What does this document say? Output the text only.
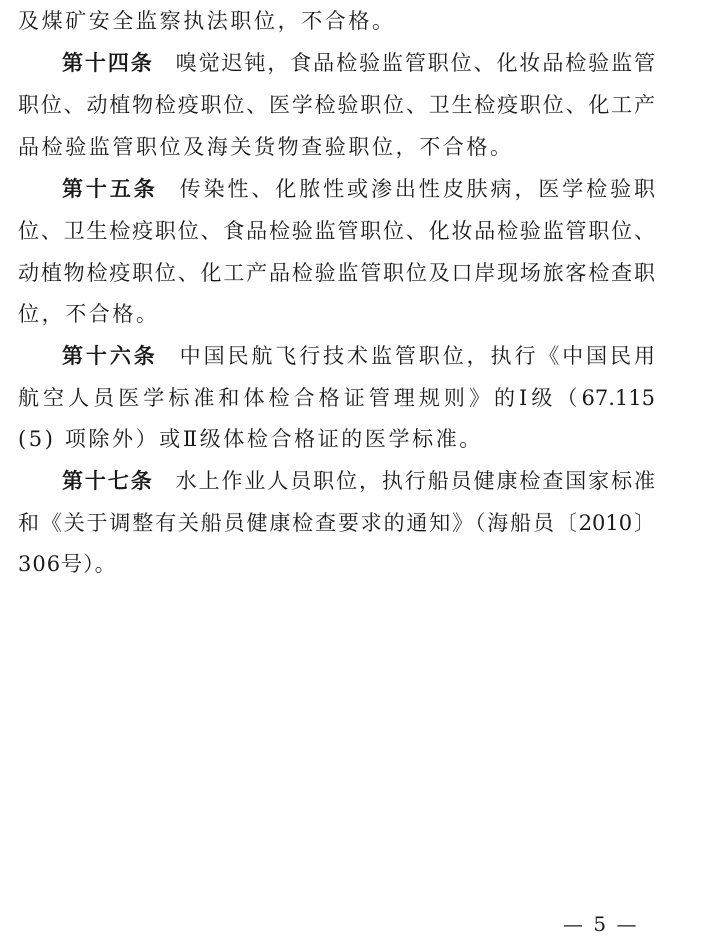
及煤矿安全监察执法职位，不合格。
第十四条 嗅觉迟钝，食品检验监管职位、化妆品检验监管
职位、动植物检疫职位、医学检验职位、卫生检疫职位、化工产
品检验监管职位及海关货物查验职位，不合格。
第十五条 传染性、化脓性或渗出性皮肤病，医学检验职
位、卫生检疫职位、食品检验监管职位、化妆品检验监管职位、
动植物检疫职位、化工产品检验监管职位及口岸现场旅客检查职
位，不合格。
第十六条 中国民航飞行技术监管职位，执行《中国民用
航空人员医学标准和体检合格证管理规则》的Ⅰ级（67.115
(5) 项除外）或Ⅱ级体检合格证的医学标准。
第十七条 水上作业人员职位，执行船员健康检查国家标准
和《关于调整有关船员健康检查要求的通知》（海船员〔2010〕
306号）。
— 5 —
